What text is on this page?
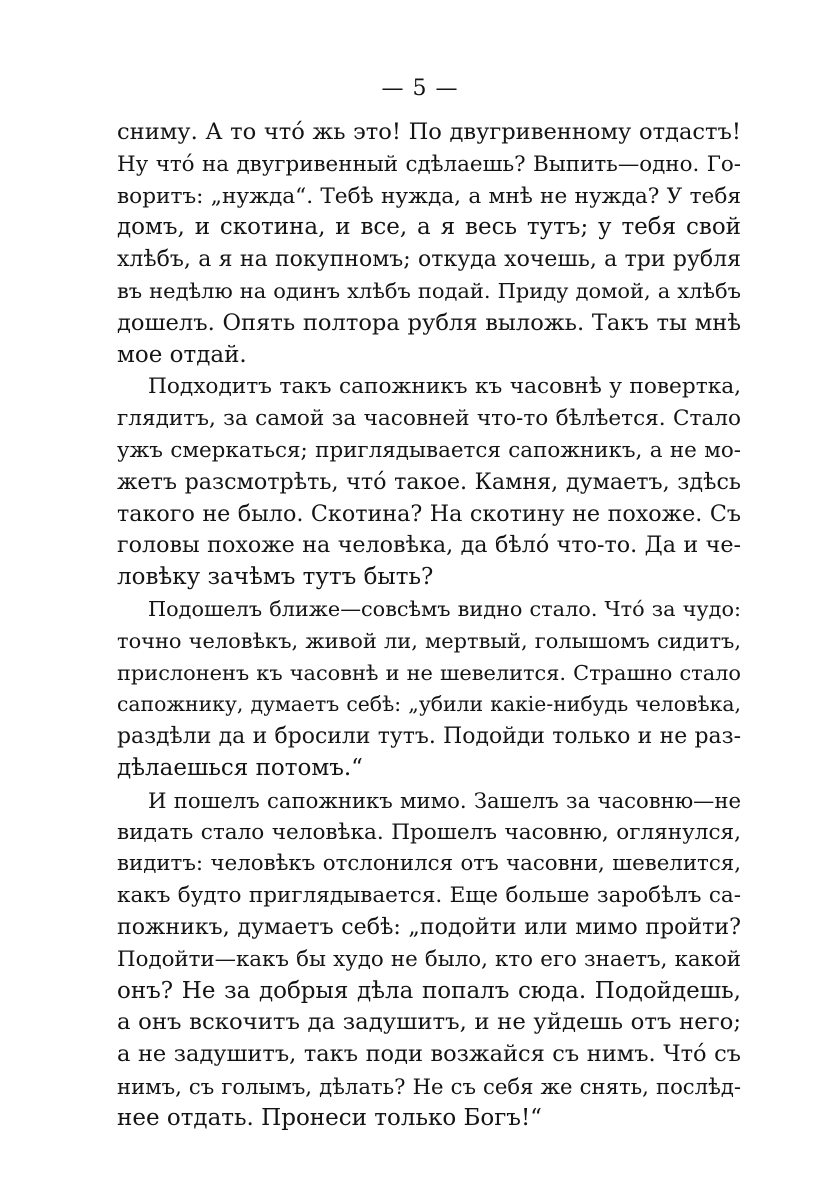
— 5 —
сниму. А то что́ жь это! По двугривенному отдастъ!
Ну что́ на двугривенный сдѣлаешь? Выпить—одно. Го-
воритъ: „нужда“. Тебѣ нужда, а мнѣ не нужда? У тебя
домъ, и скотина, и все, а я весь тутъ; у тебя свой
хлѣбъ, а я на покупномъ; откуда хочешь, а три рубля
въ недѣлю на одинъ хлѣбъ подай. Приду домой, а хлѣбъ
дошелъ. Опять полтора рубля выложь. Такъ ты мнѣ
мое отдай.
Подходитъ такъ сапожникъ къ часовнѣ у повертка,
глядитъ, за самой за часовней что-то бѣлѣется. Стало
ужъ смеркаться; приглядывается сапожникъ, а не мо-
жетъ разсмотрѣть, что́ такое. Камня, думаетъ, здѣсь
такого не было. Скотина? На скотину не похоже. Съ
головы похоже на человѣка, да бѣло́ что-то. Да и че-
ловѣку зачѣмъ тутъ быть?
Подошелъ ближе—совсѣмъ видно стало. Что́ за чудо:
точно человѣкъ, живой ли, мертвый, голышомъ сидитъ,
прислоненъ къ часовнѣ и не шевелится. Страшно стало
сапожнику, думаетъ себѣ: „убили какіе-нибудь человѣка,
раздѣли да и бросили тутъ. Подойди только и не раз-
дѣлаешься потомъ.“
И пошелъ сапожникъ мимо. Зашелъ за часовню—не
видать стало человѣка. Прошелъ часовню, оглянулся,
видитъ: человѣкъ отслонился отъ часовни, шевелится,
какъ будто приглядывается. Еще больше заробѣлъ са-
пожникъ, думаетъ себѣ: „подойти или мимо пройти?
Подойти—какъ бы худо не было, кто его знаетъ, какой
онъ? Не за добрыя дѣла попалъ сюда. Подойдешь,
а онъ вскочитъ да задушитъ, и не уйдешь отъ него;
а не задушитъ, такъ поди возжайся съ нимъ. Что́ съ
нимъ, съ голымъ, дѣлать? Не съ себя же снять, послѣд-
нее отдать. Пронеси только Богъ!“
